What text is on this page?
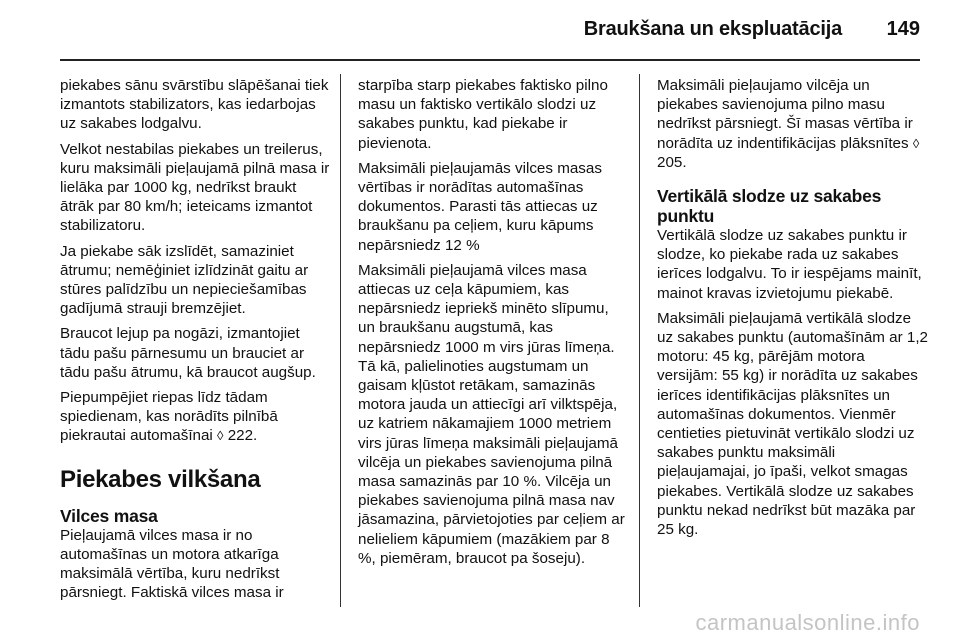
Braukšana un ekspluatācija 149

piekabes sānu svārstību slāpēšanai tiek izmantots stabilizators, kas iedarbojas uz sakabes lodgalvu.

Velkot nestabilas piekabes un treilerus, kuru maksimāli pieļaujamā pilnā masa ir lielāka par 1000 kg, nedrīkst braukt ātrāk par 80 km/h; ieteicams izmantot stabilizatoru.

Ja piekabe sāk izslīdēt, samaziniet ātrumu; nemēģiniet izlīdzināt gaitu ar stūres palīdzību un nepieciešamības gadījumā strauji bremzējiet.

Braucot lejup pa nogāzi, izmantojiet tādu pašu pārnesumu un brauciet ar tādu pašu ātrumu, kā braucot augšup.

Piepumpējiet riepas līdz tādam spiedienam, kas norādīts pilnībā piekrautai automašīnai ◊ 222.

Piekabes vilkšana
Vilces masa

Pieļaujamā vilces masa ir no automašīnas un motora atkarīga maksimālā vērtība, kuru nedrīkst pārsniegt. Faktiskā vilces masa ir

starpība starp piekabes faktisko pilno masu un faktisko vertikālo slodzi uz sakabes punktu, kad piekabe ir pievienota.

Maksimāli pieļaujamās vilces masas vērtības ir norādītas automašīnas dokumentos. Parasti tās attiecas uz braukšanu pa ceļiem, kuru kāpums nepārsniedz 12 %

Maksimāli pieļaujamā vilces masa attiecas uz ceļa kāpumiem, kas nepārsniedz iepriekš minēto slīpumu, un braukšanu augstumā, kas nepārsniedz 1000 m virs jūras līmeņa. Tā kā, palielinoties augstumam un gaisam kļūstot retākam, samazinās motora jauda un attiecīgi arī vilktspēja, uz katriem nākamajiem 1000 metriem virs jūras līmeņa maksimāli pieļaujamā vilcēja un piekabes savienojuma pilnā masa samazinās par 10 %. Vilcēja un piekabes savienojuma pilnā masa nav jāsamazina, pārvietojoties par ceļiem ar nelieliem kāpumiem (mazākiem par 8 %, piemēram, braucot pa šoseju).

Maksimāli pieļaujamo vilcēja un piekabes savienojuma pilno masu nedrīkst pārsniegt. Šī masas vērtība ir norādīta uz indentifikācijas plāksnītes ◊ 205.

Vertikālā slodze uz sakabes punktu

Vertikālā slodze uz sakabes punktu ir slodze, ko piekabe rada uz sakabes ierīces lodgalvu. To ir iespējams mainīt, mainot kravas izvietojumu piekabē.

Maksimāli pieļaujamā vertikālā slodze uz sakabes punktu (automašīnām ar 1,2 motoru: 45 kg, pārējām motora versijām: 55 kg) ir norādīta uz sakabes ierīces identifikācijas plāksnītes un automašīnas dokumentos. Vienmēr centieties pietuvināt vertikālo slodzi uz sakabes punktu maksimāli pieļaujamajai, jo īpaši, velkot smagas piekabes. Vertikālā slodze uz sakabes punktu nekad nedrīkst būt mazāka par 25 kg.

carmanualsonline.info
